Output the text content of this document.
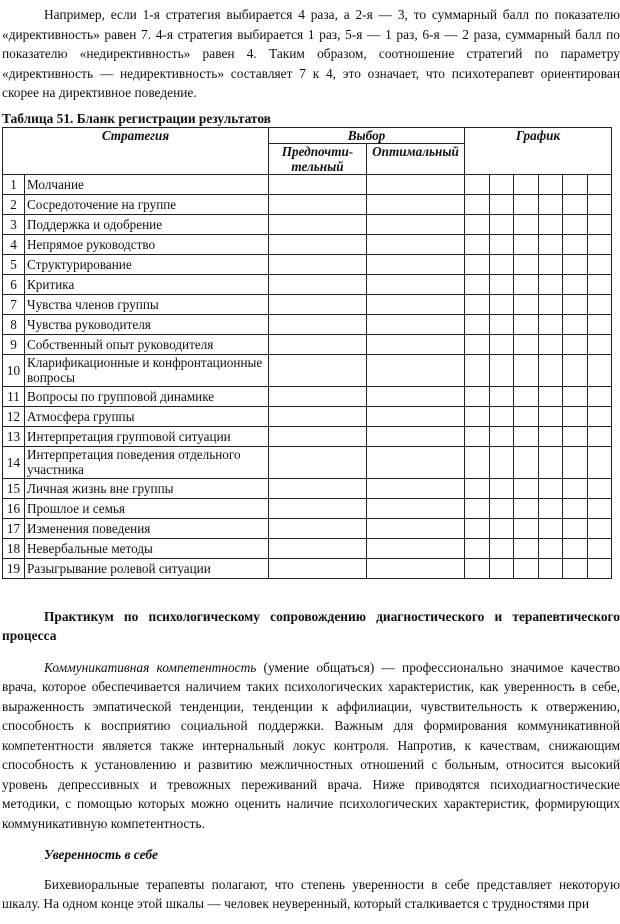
Например, если 1-я стратегия выбирается 4 раза, а 2-я — 3, то суммарный балл по показателю «директивность» равен 7. 4-я стратегия выбирается 1 раз, 5-я — 1 раз, 6-я — 2 раза, суммарный балл по показателю «недирективность» равен 4. Таким образом, соотношение стратегий по параметру «директивность — недирективность» составляет 7 к 4, это означает, что психотерапевт ориентирован скорее на директивное поведение.

Таблица 51. Бланк регистрации результатов
Стратегия		Выбор		График					
		Предпочти-тельный	Оптимальный						
1	Молчание								
2	Сосредоточение на группе								
3	Поддержка и одобрение								
4	Непрямое руководство								
5	Структурирование								
6	Критика								
7	Чувства членов группы								
8	Чувства руководителя								
9	Собственный опыт руководителя								
10	Кларификационные и конфронтационные вопросы								
11	Вопросы по групповой динамике								
12	Атмосфера группы								
13	Интерпретация групповой ситуации								
14	Интерпретация поведения отдельного участника								
15	Личная жизнь вне группы								
16	Прошлое и семья								
17	Изменения поведения								
18	Невербальные методы								
19	Разыгрывание ролевой ситуации								

Практикум по психологическому сопровождению диагностического и терапевтического процесса

Коммуникативная компетентность (умение общаться) — профессионально значимое качество врача, которое обеспечивается наличием таких психологических характеристик, как уверенность в себе, выраженность эмпатической тенденции, тенденции к аффилиации, чувствительность к отвержению, способность к восприятию социальной поддержки. Важным для формирования коммуникативной компетентности является также интернальный локус контроля. Напротив, к качествам, снижающим способность к установлению и развитию межличностных отношений с больным, относится высокий уровень депрессивных и тревожных переживаний врача. Ниже приводятся психодиагностические методики, с помощью которых можно оценить наличие психологических характеристик, формирующих коммуникативную компетентность.

Уверенность в себе

Бихевиоральные терапевты полагают, что степень уверенности в себе представляет некоторую шкалу. На одном конце этой шкалы — человек неуверенный, который сталкивается с трудностями при
